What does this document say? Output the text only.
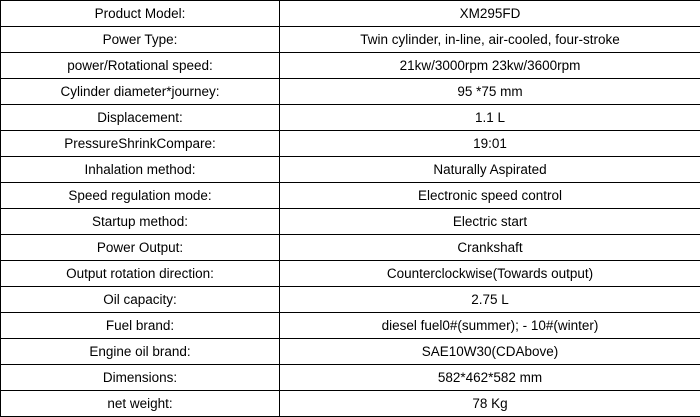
Product Model:	XM295FD
Power Type:	Twin cylinder, in-line, air-cooled, four-stroke
power/Rotational speed:	21kw/3000rpm 23kw/3600rpm
Cylinder diameter*journey:	95 *75 mm
Displacement:	1.1 L
PressureShrinkCompare:	19:01
Inhalation method:	Naturally Aspirated
Speed regulation mode:	Electronic speed control
Startup method:	Electric start
Power Output:	Crankshaft
Output rotation direction:	Counterclockwise(Towards output)
Oil capacity:	2.75 L
Fuel brand:	diesel fuel0#(summer); - 10#(winter)
Engine oil brand:	SAE10W30(CDAbove)
Dimensions:	582*462*582 mm
net weight:	78 Kg
